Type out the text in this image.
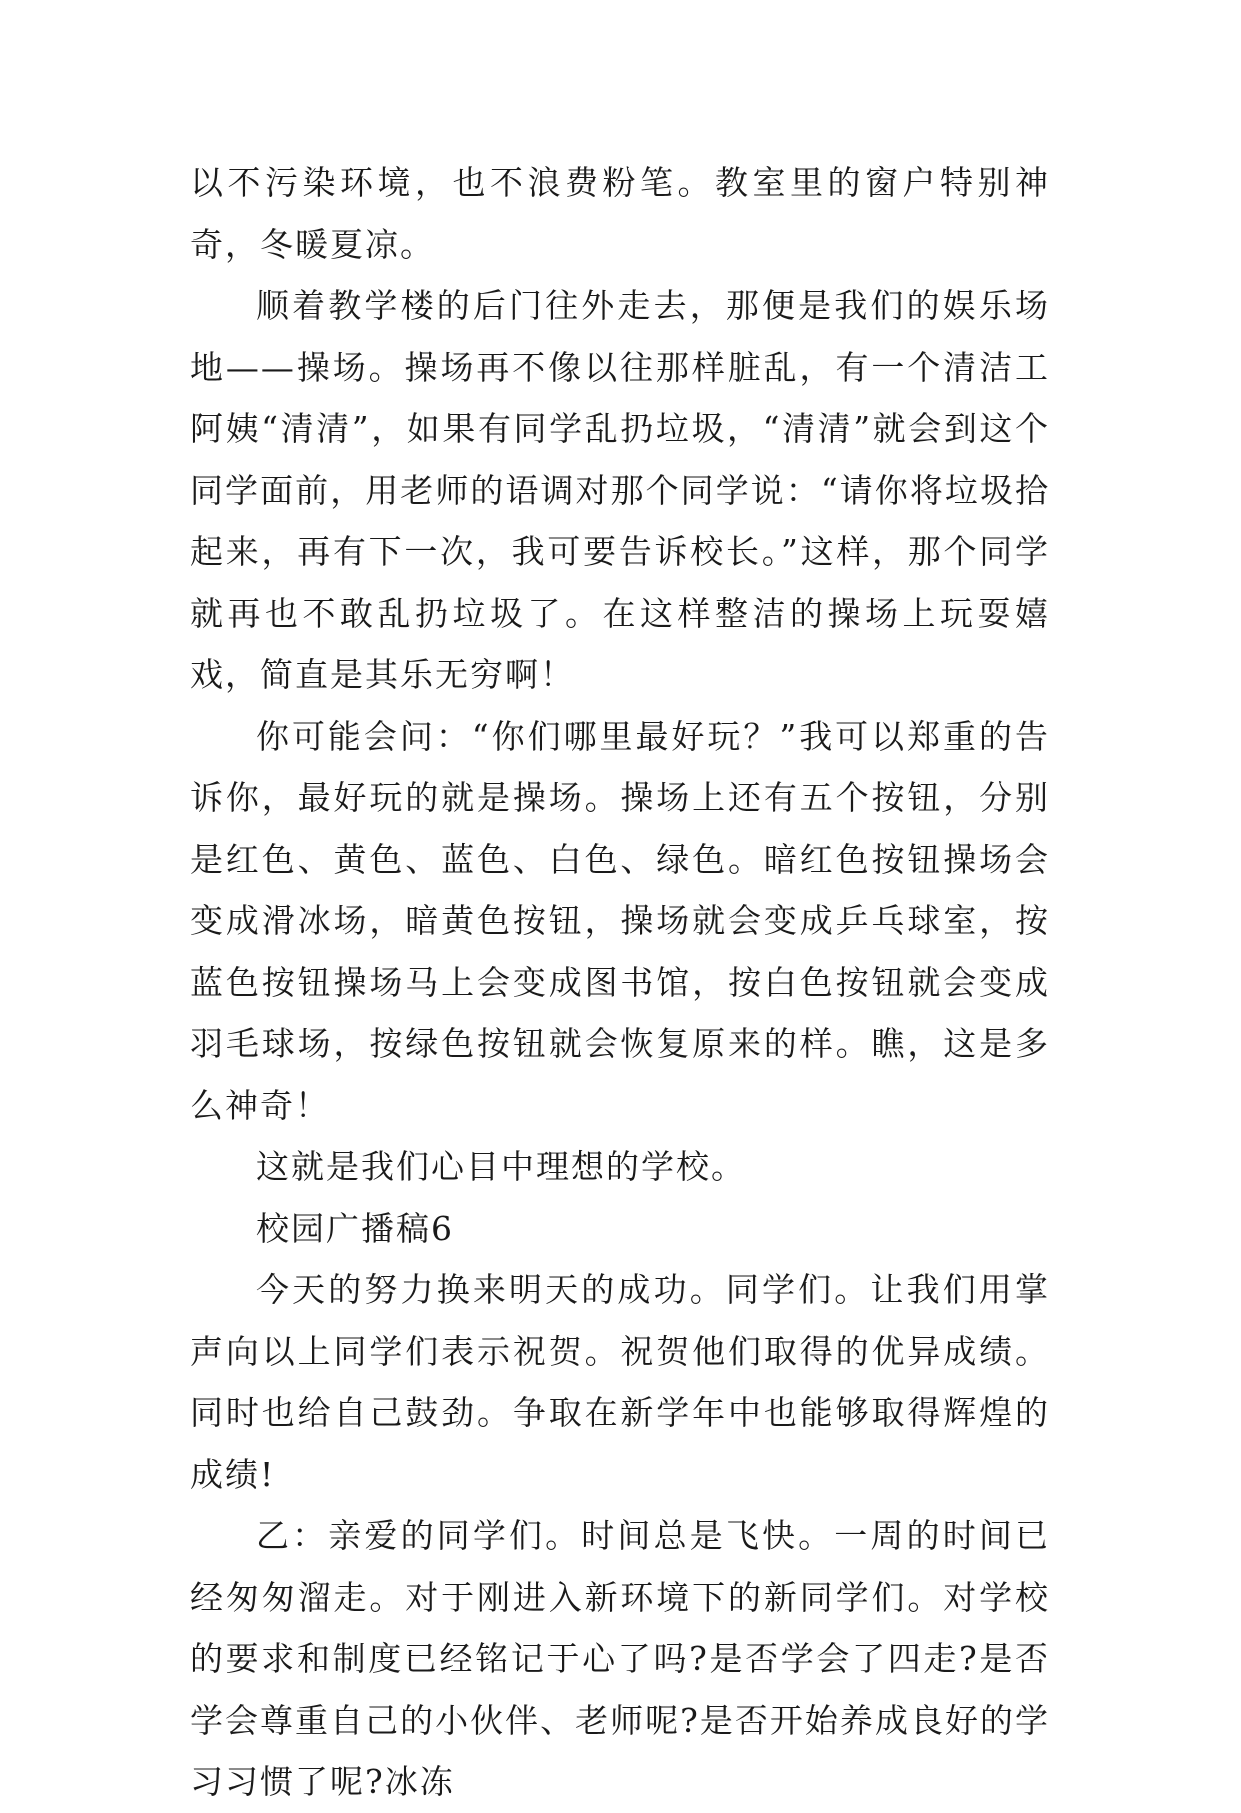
以不污染环境，也不浪费粉笔。教室里的窗户特别神奇，冬暖夏凉。

顺着教学楼的后门往外走去，那便是我们的娱乐场地——操场。操场再不像以往那样脏乱，有一个清洁工阿姨“清清”，如果有同学乱扔垃圾，“清清”就会到这个同学面前，用老师的语调对那个同学说：“请你将垃圾拾起来，再有下一次，我可要告诉校长。”这样，那个同学就再也不敢乱扔垃圾了。在这样整洁的操场上玩耍嬉戏，简直是其乐无穷啊！

你可能会问：“你们哪里最好玩？”我可以郑重的告诉你，最好玩的就是操场。操场上还有五个按钮，分别是红色、黄色、蓝色、白色、绿色。暗红色按钮操场会变成滑冰场，暗黄色按钮，操场就会变成乒乓球室，按蓝色按钮操场马上会变成图书馆，按白色按钮就会变成羽毛球场，按绿色按钮就会恢复原来的样。瞧，这是多么神奇！

这就是我们心目中理想的学校。

校园广播稿6

今天的努力换来明天的成功。同学们。让我们用掌声向以上同学们表示祝贺。祝贺他们取得的优异成绩。同时也给自己鼓劲。争取在新学年中也能够取得辉煌的成绩!

乙：亲爱的同学们。时间总是飞快。一周的时间已经匆匆溜走。对于刚进入新环境下的新同学们。对学校的要求和制度已经铭记于心了吗?是否学会了四走?是否学会尊重自己的小伙伴、老师呢?是否开始养成良好的学习习惯了呢?冰冻
